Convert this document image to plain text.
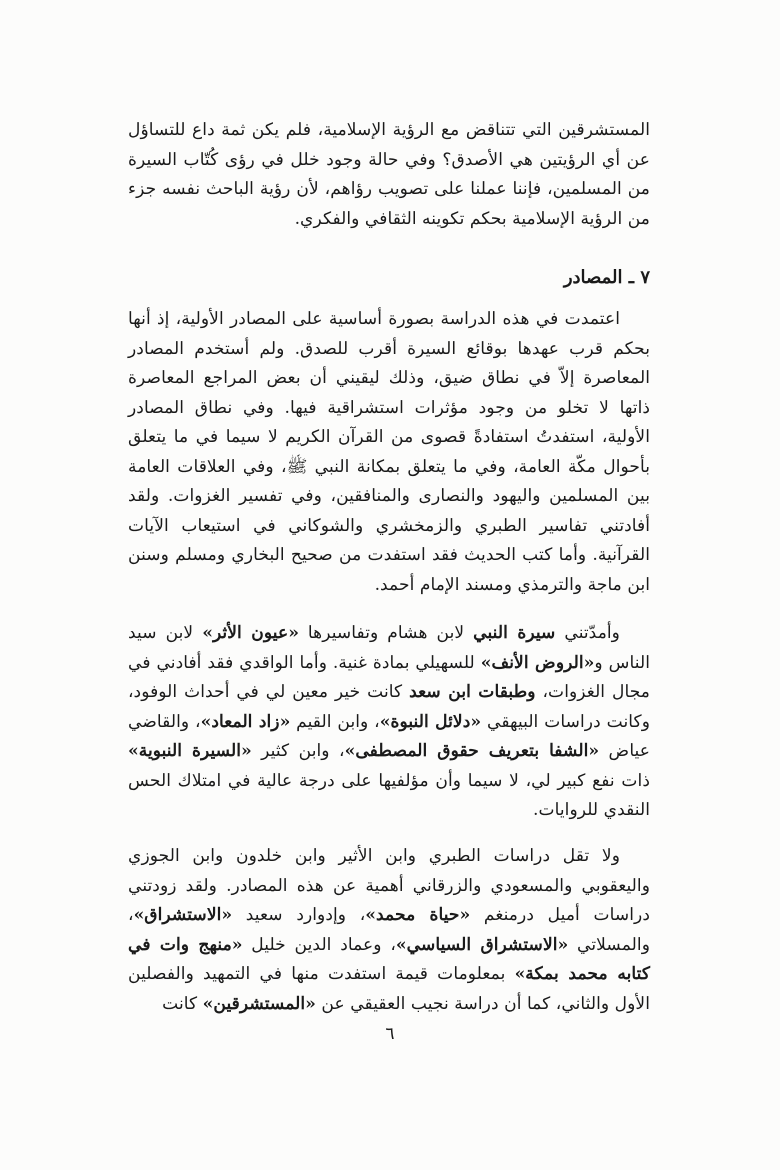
المستشرقين التي تتناقض مع الرؤية الإسلامية، فلم يكن ثمة داع للتساؤل عن أي الرؤيتين هي الأصدق؟ وفي حالة وجود خلل في رؤى كُتّاب السيرة من المسلمين، فإننا عملنا على تصويب رؤاهم، لأن رؤية الباحث نفسه جزء من الرؤية الإسلامية بحكم تكوينه الثقافي والفكري.

٧ ـ المصادر

اعتمدت في هذه الدراسة بصورة أساسية على المصادر الأولية، إذ أنها بحكم قرب عهدها بوقائع السيرة أقرب للصدق. ولم أستخدم المصادر المعاصرة إلاّ في نطاق ضيق، وذلك ليقيني أن بعض المراجع المعاصرة ذاتها لا تخلو من وجود مؤثرات استشراقية فيها. وفي نطاق المصادر الأولية، استفدتُ استفادةً قصوى من القرآن الكريم لا سيما في ما يتعلق بأحوال مكّة العامة، وفي ما يتعلق بمكانة النبي ﷺ، وفي العلاقات العامة بين المسلمين واليهود والنصارى والمنافقين، وفي تفسير الغزوات. ولقد أفادتني تفاسير الطبري والزمخشري والشوكاني في استيعاب الآيات القرآنية. وأما كتب الحديث فقد استفدت من صحيح البخاري ومسلم وسنن ابن ماجة والترمذي ومسند الإمام أحمد.

وأمدّتني سيرة النبي لابن هشام وتفاسيرها «عيون الأثر» لابن سيد الناس و«الروض الأنف» للسهيلي بمادة غنية. وأما الواقدي فقد أفادني في مجال الغزوات، وطبقات ابن سعد كانت خير معين لي في أحداث الوفود، وكانت دراسات البيهقي «دلائل النبوة»، وابن القيم «زاد المعاد»، والقاضي عياض «الشفا بتعريف حقوق المصطفى»، وابن كثير «السيرة النبوية» ذات نفع كبير لي، لا سيما وأن مؤلفيها على درجة عالية في امتلاك الحس النقدي للروايات.

ولا تقل دراسات الطبري وابن الأثير وابن خلدون وابن الجوزي واليعقوبي والمسعودي والزرقاني أهمية عن هذه المصادر. ولقد زودتني دراسات أميل درمنغم «حياة محمد»، وإدوارد سعيد «الاستشراق»، والمسلاتي «الاستشراق السياسي»، وعماد الدين خليل «منهج وات في كتابه محمد بمكة» بمعلومات قيمة استفدت منها في التمهيد والفصلين الأول والثاني، كما أن دراسة نجيب العقيقي عن «المستشرقين» كانت

٦
